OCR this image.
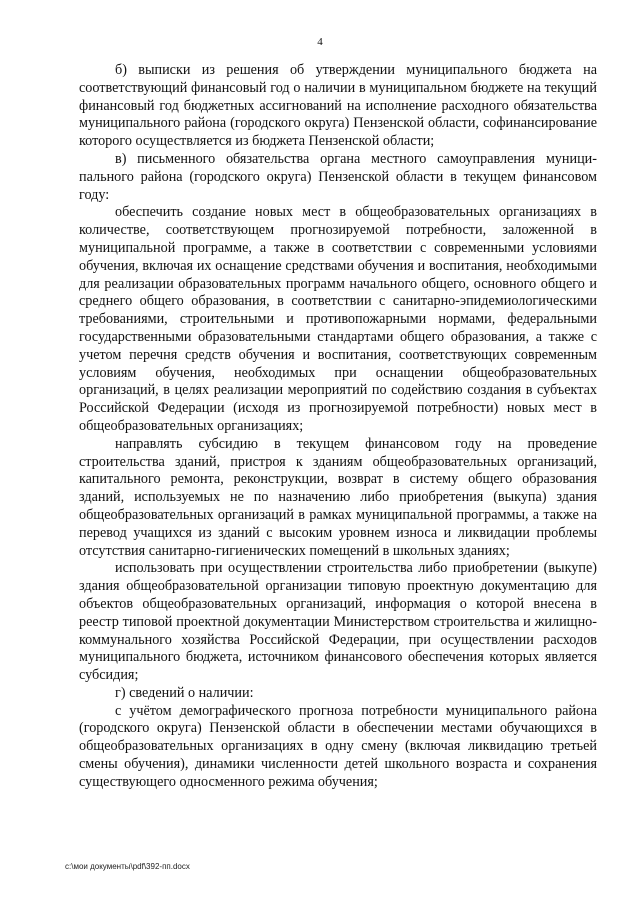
4

б) выписки из решения об утверждении муниципального бюджета на соответствующий финансовый год о наличии в муниципальном бюджете на текущий финансовый год бюджетных ассигнований на исполнение расходного обязательства муниципального района (городского округа) Пензенской области, софинансирование которого осуществляется из бюджета Пензенской области;

в) письменного обязательства органа местного самоуправления муници-пального района (городского округа) Пензенской области в текущем финансовом году:

обеспечить создание новых мест в общеобразовательных организациях в количестве, соответствующем прогнозируемой потребности, заложенной в муниципальной программе, а также в соответствии с современными условиями обучения, включая их оснащение средствами обучения и воспитания, необходимыми для реализации образовательных программ начального общего, основного общего и среднего общего образования, в соответствии с санитарно-эпидемиологическими требованиями, строительными и противопожарными нормами, федеральными государственными образовательными стандартами общего образования, а также с учетом перечня средств обучения и воспитания, соответствующих современным условиям обучения, необходимых при оснащении общеобразовательных организаций, в целях реализации мероприятий по содействию создания в субъектах Российской Федерации (исходя из прогнозируемой потребности) новых мест в общеобразовательных организациях;

направлять субсидию в текущем финансовом году на проведение строительства зданий, пристроя к зданиям общеобразовательных организаций, капитального ремонта, реконструкции, возврат в систему общего образования зданий, используемых не по назначению либо приобретения (выкупа) здания общеобразовательных организаций в рамках муниципальной программы, а также на перевод учащихся из зданий с высоким уровнем износа и ликвидации проблемы отсутствия санитарно-гигиенических помещений в школьных зданиях;

использовать при осуществлении строительства либо приобретении (выкупе) здания общеобразовательной организации типовую проектную документацию для объектов общеобразовательных организаций, информация о которой внесена в реестр типовой проектной документации Министерством строительства и жилищно-коммунального хозяйства Российской Федерации, при осуществлении расходов муниципального бюджета, источником финансового обеспечения которых является субсидия;

г) сведений о наличии:

с учётом демографического прогноза потребности муниципального района (городского округа) Пензенской области в обеспечении местами обучающихся в общеобразовательных организациях в одну смену (включая ликвидацию третьей смены обучения), динамики численности детей школьного возраста и сохранения существующего односменного режима обучения;

c:\мои документы\pdf\392-пп.docx
